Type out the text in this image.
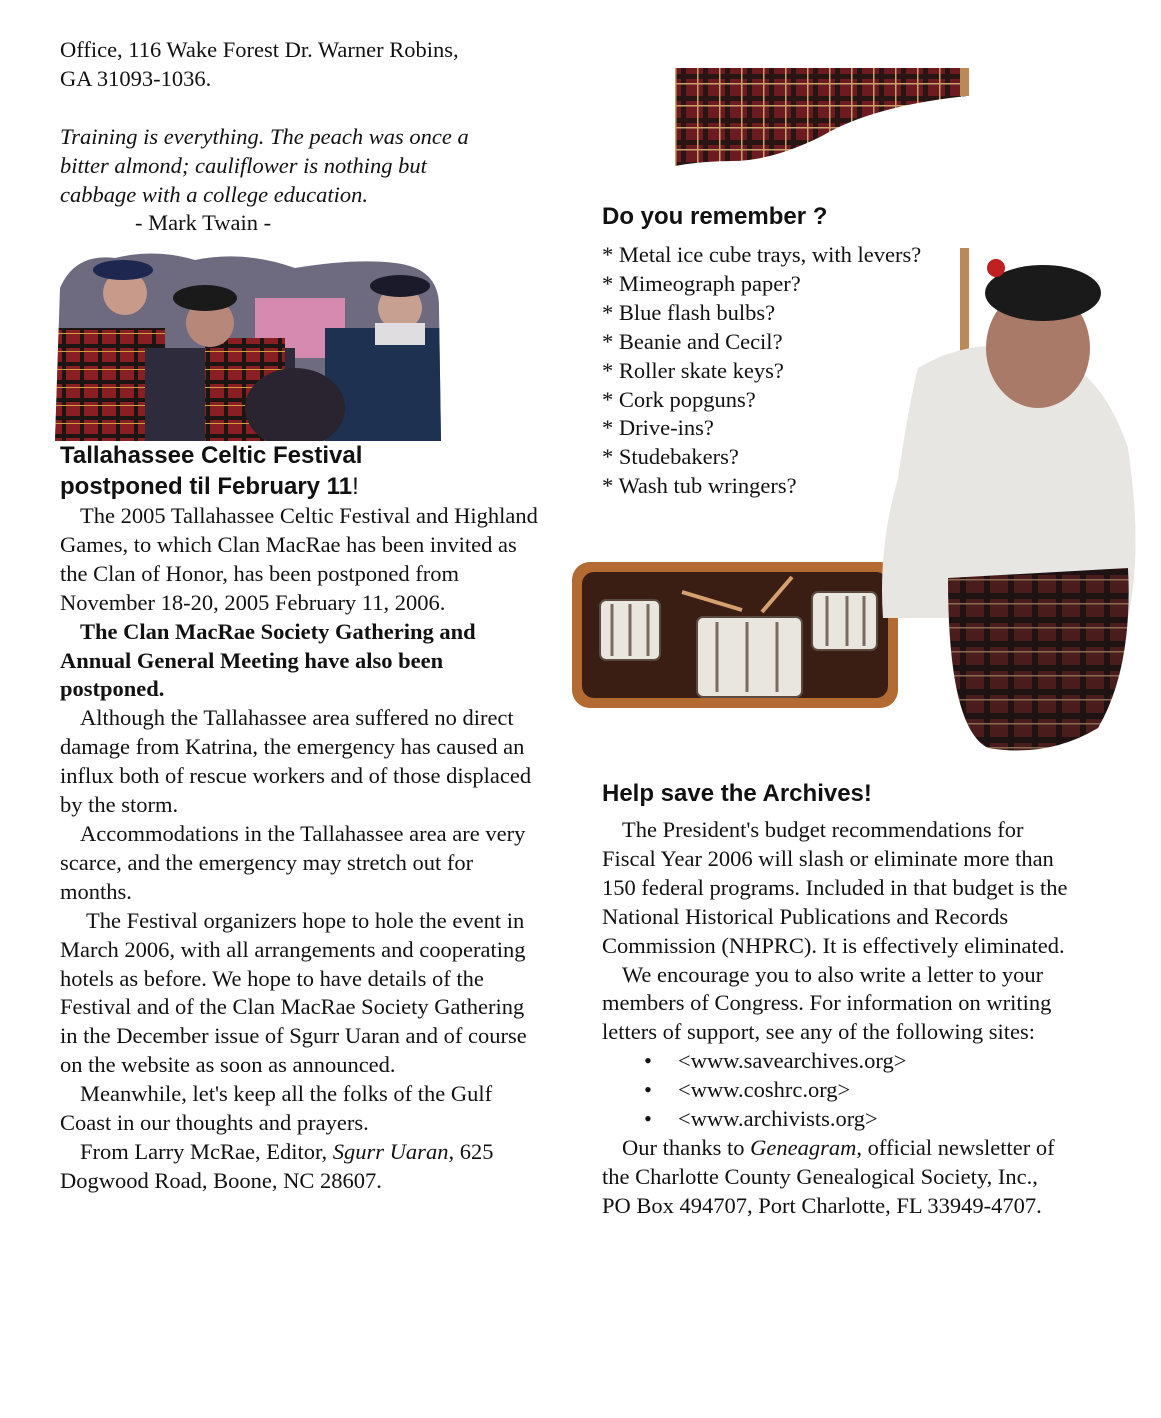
Office, 116 Wake Forest Dr. Warner Robins,
GA 31093-1036.
Training is everything. The peach was once a
bitter almond; cauliflower is nothing but
cabbage with a college education.
- Mark Twain -
Tallahassee Celtic Festival
postponed til February 11!

The 2005 Tallahassee Celtic Festival and Highland Games, to which Clan MacRae has been invited as the Clan of Honor, has been postponed from November 18-20, 2005 February 11, 2006.

The Clan MacRae Society Gathering and Annual General Meeting have also been postponed.

Although the Tallahassee area suffered no direct damage from Katrina, the emergency has caused an influx both of rescue workers and of those displaced by the storm.

Accommodations in the Tallahassee area are very scarce, and the emergency may stretch out for months.

The Festival organizers hope to hole the event in March 2006, with all arrangements and cooperating hotels as before. We hope to have details of the Festival and of the Clan MacRae Society Gathering in the December issue of Sgurr Uaran and of course on the website as soon as announced.

Meanwhile, let's keep all the folks of the Gulf Coast in our thoughts and prayers.

From Larry McRae, Editor, Sgurr Uaran, 625 Dogwood Road, Boone, NC 28607.

Do you remember ?
* Metal ice cube trays, with levers?
* Mimeograph paper?
* Blue flash bulbs?
* Beanie and Cecil?
* Roller skate keys?
* Cork popguns?
* Drive-ins?
* Studebakers?
* Wash tub wringers?
Help save the Archives!

The President's budget recommendations for Fiscal Year 2006 will slash or eliminate more than 150 federal programs. Included in that budget is the National Historical Publications and Records Commission (NHPRC). It is effectively eliminated.

We encourage you to also write a letter to your members of Congress. For information on writing letters of support, see any of the following sites:

• <www.savearchives.org>
• <www.coshrc.org>
• <www.archivists.org>

Our thanks to Geneagram, official newsletter of the Charlotte County Genealogical Society, Inc., PO Box 494707, Port Charlotte, FL 33949-4707.
